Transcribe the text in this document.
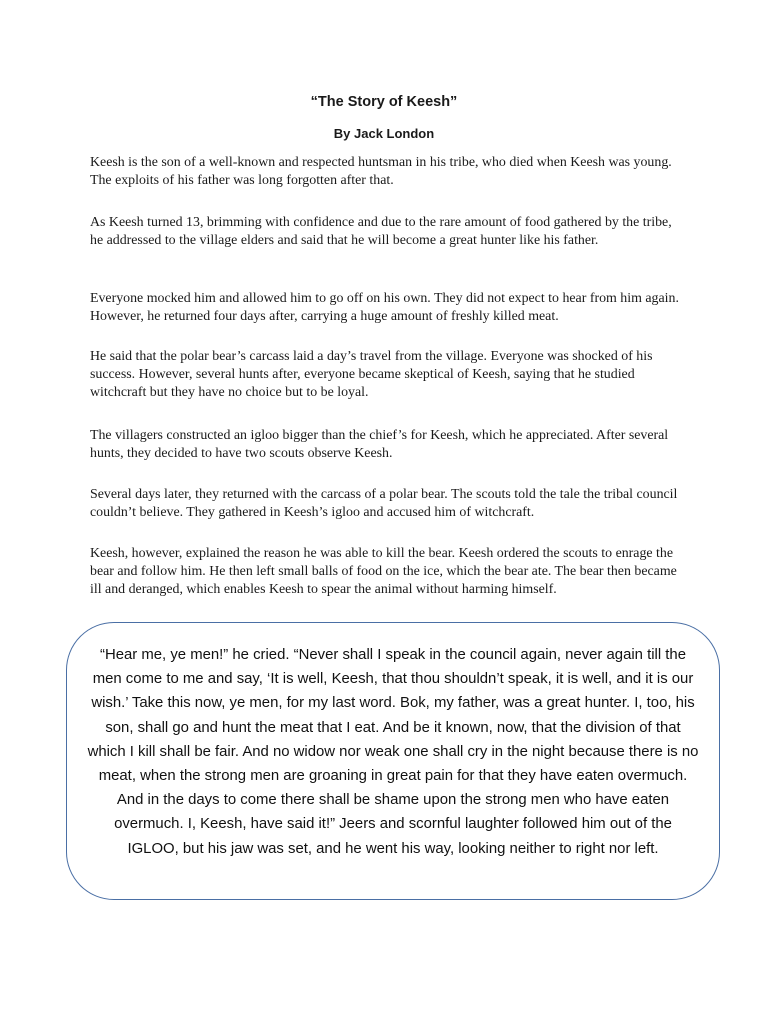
“The Story of Keesh”
By Jack London

Keesh is the son of a well-known and respected huntsman in his tribe, who died when Keesh was young. The exploits of his father was long forgotten after that.

As Keesh turned 13, brimming with confidence and due to the rare amount of food gathered by the tribe, he addressed to the village elders and said that he will become a great hunter like his father.

Everyone mocked him and allowed him to go off on his own. They did not expect to hear from him again. However, he returned four days after, carrying a huge amount of freshly killed meat.

He said that the polar bear’s carcass laid a day’s travel from the village. Everyone was shocked of his success. However, several hunts after, everyone became skeptical of Keesh, saying that he studied witchcraft but they have no choice but to be loyal.

The villagers constructed an igloo bigger than the chief’s for Keesh, which he appreciated. After several hunts, they decided to have two scouts observe Keesh.

Several days later, they returned with the carcass of a polar bear. The scouts told the tale the tribal council couldn’t believe. They gathered in Keesh’s igloo and accused him of witchcraft.

Keesh, however, explained the reason he was able to kill the bear. Keesh ordered the scouts to enrage the bear and follow him. He then left small balls of food on the ice, which the bear ate. The bear then became ill and deranged, which enables Keesh to spear the animal without harming himself.

“Hear me, ye men!” he cried. “Never shall I speak in the council again, never again till the men come to me and say, ‘It is well, Keesh, that thou shouldn’t speak, it is well, and it is our wish.’ Take this now, ye men, for my last word. Bok, my father, was a great hunter. I, too, his son, shall go and hunt the meat that I eat. And be it known, now, that the division of that which I kill shall be fair. And no widow nor weak one shall cry in the night because there is no meat, when the strong men are groaning in great pain for that they have eaten overmuch. And in the days to come there shall be shame upon the strong men who have eaten overmuch. I, Keesh, have said it!” Jeers and scornful laughter followed him out of the IGLOO, but his jaw was set, and he went his way, looking neither to right nor left.
